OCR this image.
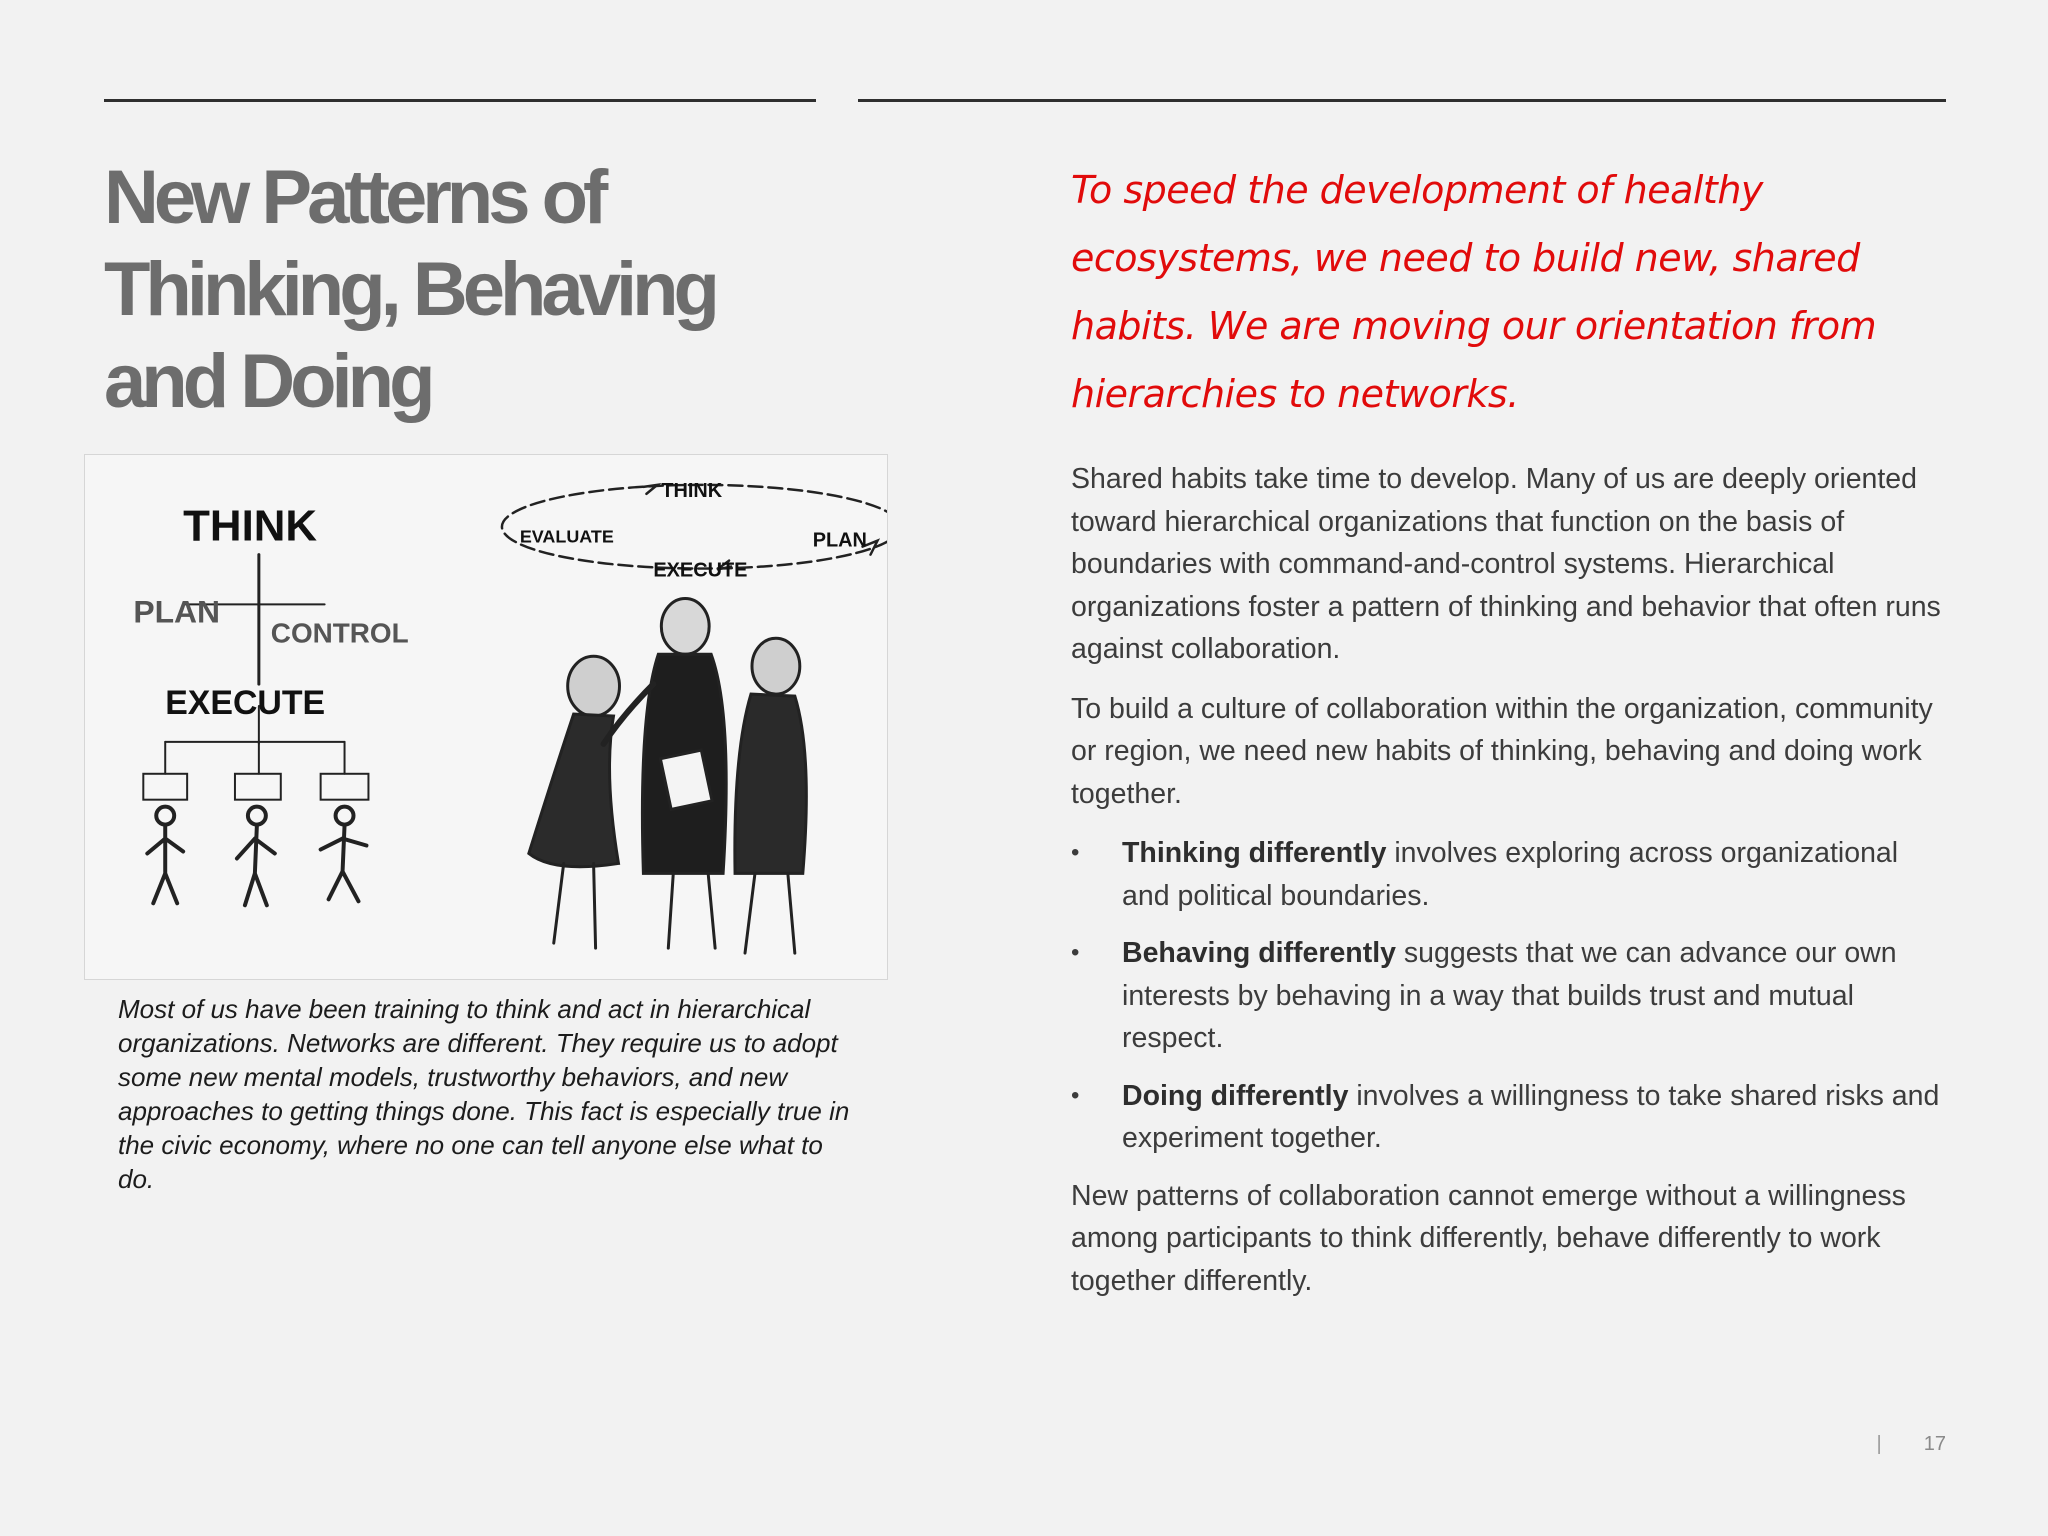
New Patterns of
Thinking, Behaving
and Doing
THINK
PLAN
CONTROL
EXECUTE
THINK
EVALUATE	PLAN
EXECUTE

Most of us have been training to think and act in hierarchical organizations. Networks are different. They require us to adopt some new mental models, trustworthy behaviors, and new approaches to getting things done. This fact is especially true in the civic economy, where no one can tell anyone else what to do.

To speed the development of healthy ecosystems, we need to build new, shared habits. We are moving our orientation from hierarchies to networks.

Shared habits take time to develop. Many of us are deeply oriented toward hierarchical organizations that function on the basis of boundaries with command-and-control systems. Hierarchical organizations foster a pattern of thinking and behavior that often runs against collaboration.

To build a culture of collaboration within the organization, community or region, we need new habits of thinking, behaving and doing work together.

• Thinking differently involves exploring across organizational and political boundaries.
• Behaving differently suggests that we can advance our own interests by behaving in a way that builds trust and mutual respect.
• Doing differently involves a willingness to take shared risks and experiment together.

New patterns of collaboration cannot emerge without a willingness among participants to think differently, behave differently to work together differently.

| 17
